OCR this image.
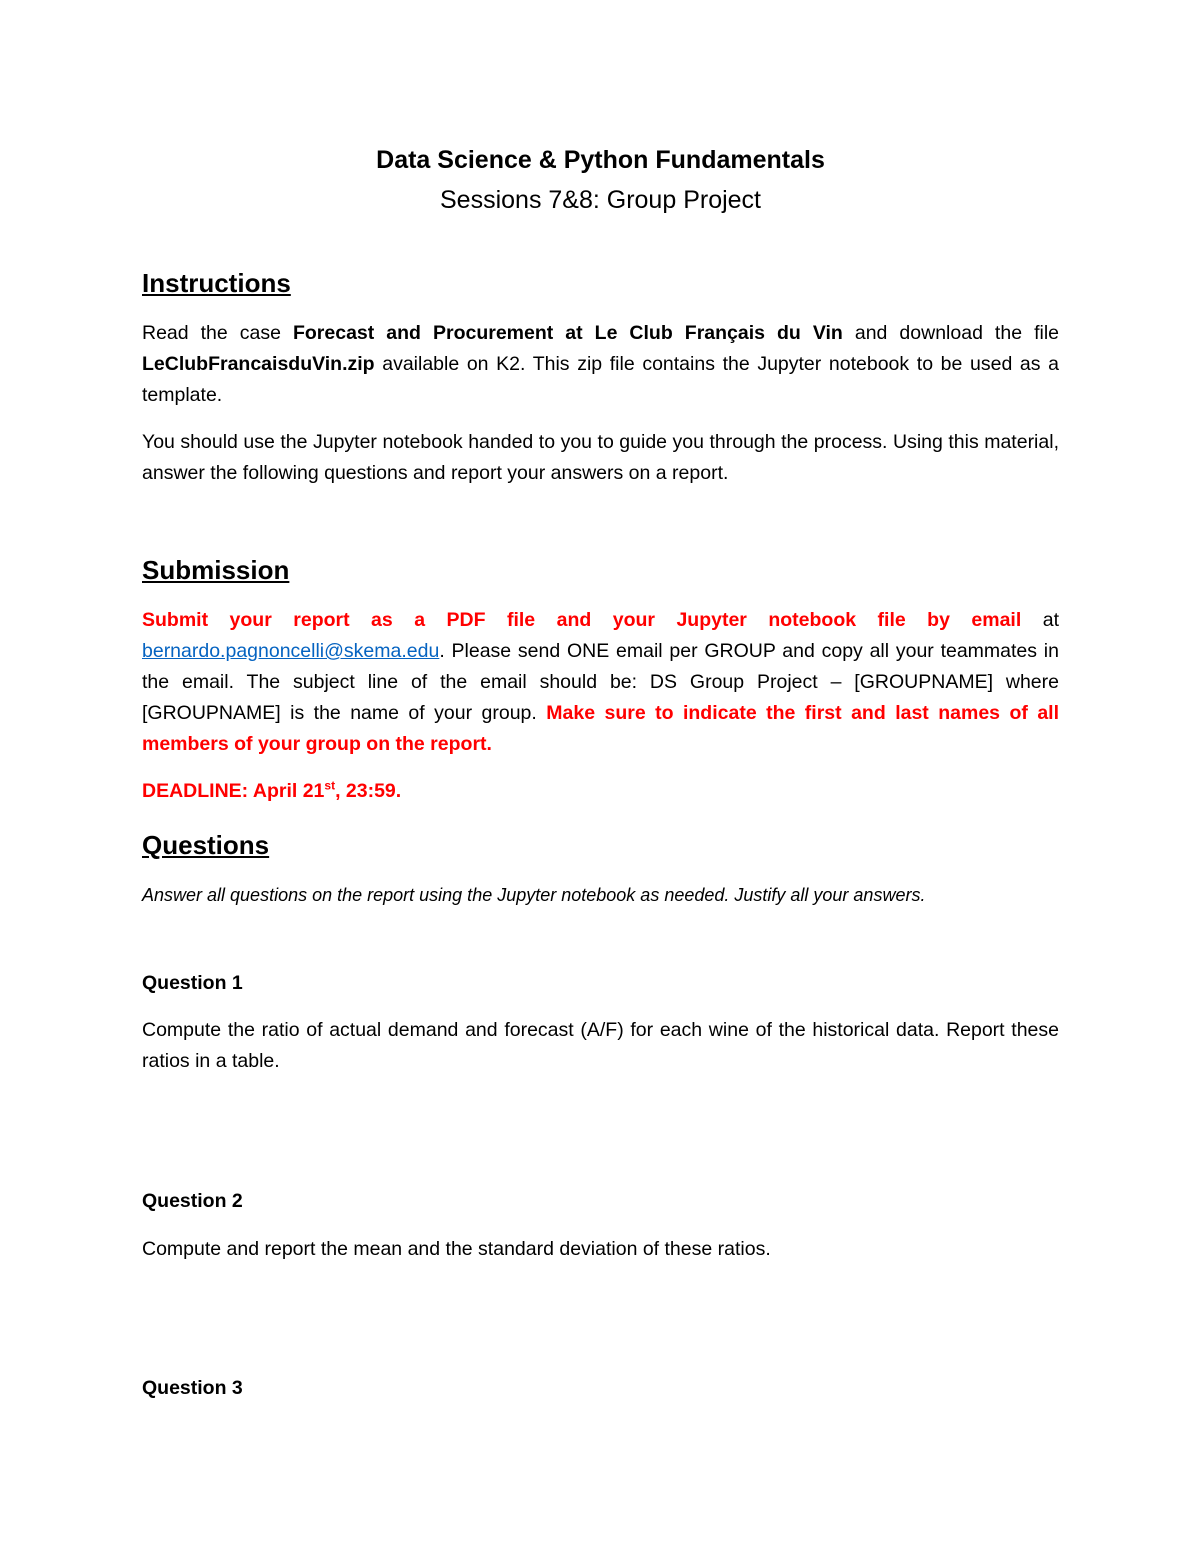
Data Science & Python Fundamentals
Sessions 7&8: Group Project
Instructions

Read the case Forecast and Procurement at Le Club Français du Vin and download the file LeClubFrancaisduVin.zip available on K2. This zip file contains the Jupyter notebook to be used as a template.

You should use the Jupyter notebook handed to you to guide you through the process. Using this material, answer the following questions and report your answers on a report.

Submission

Submit your report as a PDF file and your Jupyter notebook file by email at bernardo.pagnoncelli@skema.edu. Please send ONE email per GROUP and copy all your teammates in the email. The subject line of the email should be: DS Group Project – [GROUPNAME] where [GROUPNAME] is the name of your group. Make sure to indicate the first and last names of all members of your group on the report.

DEADLINE: April 21st, 23:59.

Questions

Answer all questions on the report using the Jupyter notebook as needed. Justify all your answers.

Question 1

Compute the ratio of actual demand and forecast (A/F) for each wine of the historical data. Report these ratios in a table.

Question 2

Compute and report the mean and the standard deviation of these ratios.

Question 3
